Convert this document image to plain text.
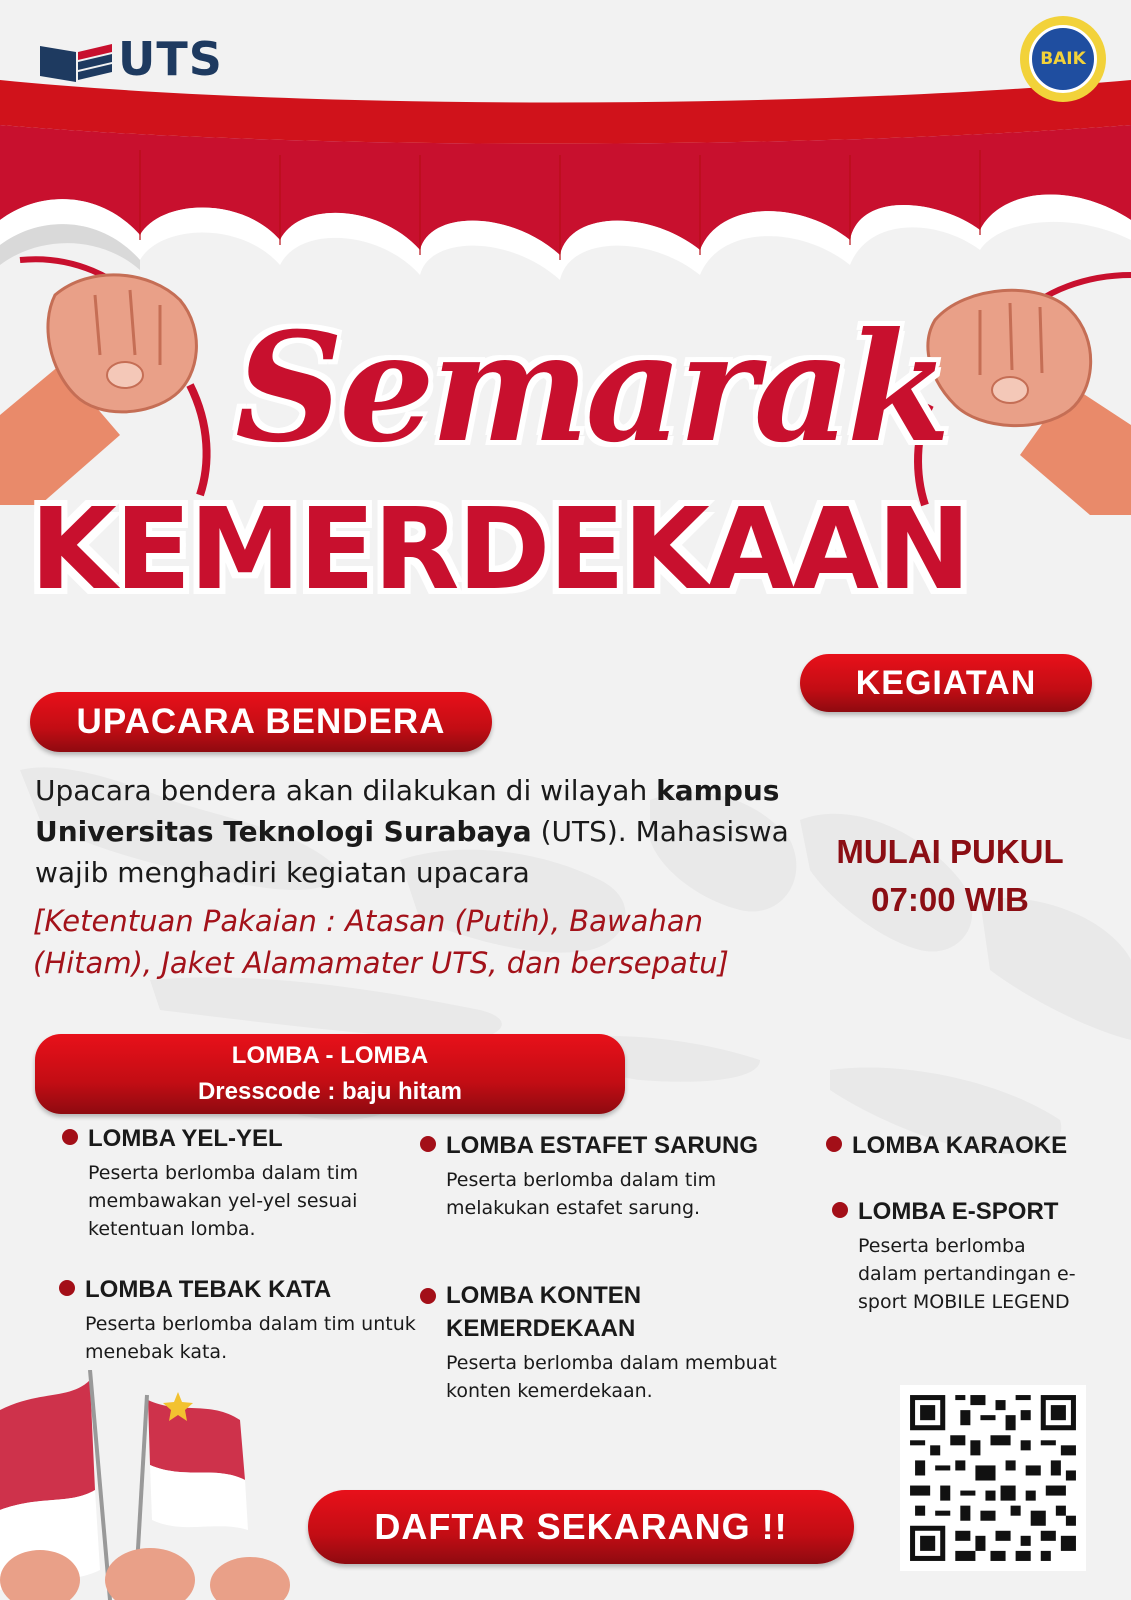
UTS	BAIK
Semarak
KEMERDEKAAN
KEGIATAN
MULAI PUKUL
07:00 WIB
UPACARA BENDERA
Upacara bendera akan dilakukan di wilayah kampus Universitas Teknologi Surabaya (UTS). Mahasiswa wajib menghadiri kegiatan upacara
[Ketentuan Pakaian : Atasan (Putih), Bawahan (Hitam), Jaket Alamamater UTS, dan bersepatu]
LOMBA - LOMBA
Dresscode : baju hitam
LOMBA YEL-YEL
Peserta berlomba dalam tim membawakan yel-yel sesuai ketentuan lomba.
LOMBA TEBAK KATA
Peserta berlomba dalam tim untuk menebak kata.
LOMBA ESTAFET SARUNG
Peserta berlomba dalam tim melakukan estafet sarung.
LOMBA KONTEN KEMERDEKAAN
Peserta berlomba dalam membuat konten kemerdekaan.
LOMBA KARAOKE
LOMBA E-SPORT
Peserta berlomba dalam pertandingan e-sport MOBILE LEGEND
DAFTAR SEKARANG !!
